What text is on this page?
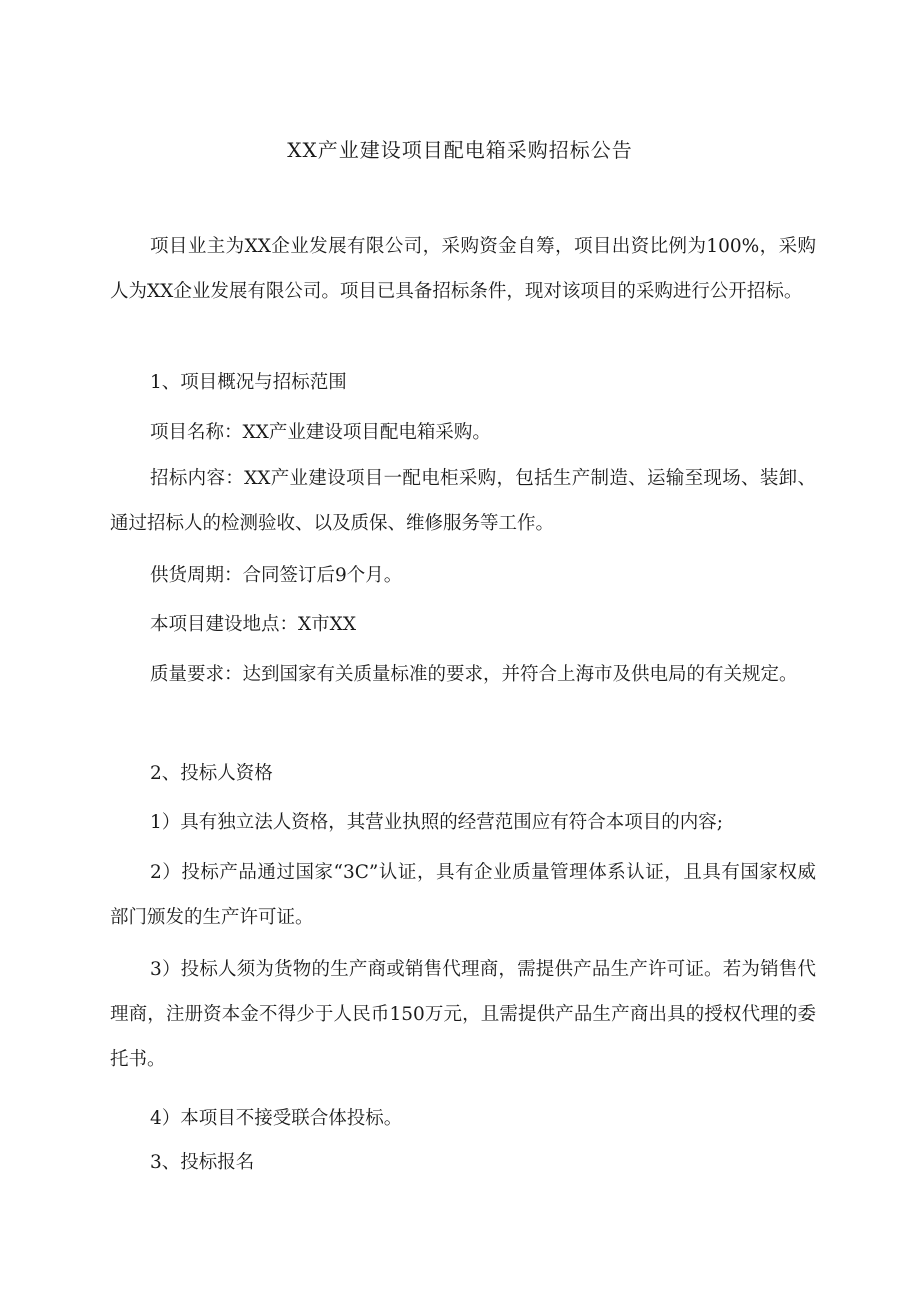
XX产业建设项目配电箱采购招标公告
项目业主为XX企业发展有限公司，采购资金自筹，项目出资比例为100%，采购人为XX企业发展有限公司。项目已具备招标条件，现对该项目的采购进行公开招标。
1、项目概况与招标范围
项目名称：XX产业建设项目配电箱采购。
招标内容：XX产业建设项目一配电柜采购，包括生产制造、运输至现场、装卸、通过招标人的检测验收、以及质保、维修服务等工作。
供货周期：合同签订后9个月。
本项目建设地点：X市XX
质量要求：达到国家有关质量标准的要求，并符合上海市及供电局的有关规定。
2、投标人资格
1）具有独立法人资格，其营业执照的经营范围应有符合本项目的内容;
2）投标产品通过国家“3C”认证，具有企业质量管理体系认证，且具有国家权威部门颁发的生产许可证。
3）投标人须为货物的生产商或销售代理商，需提供产品生产许可证。若为销售代理商，注册资本金不得少于人民币150万元，且需提供产品生产商出具的授权代理的委托书。
4）本项目不接受联合体投标。
3、投标报名
